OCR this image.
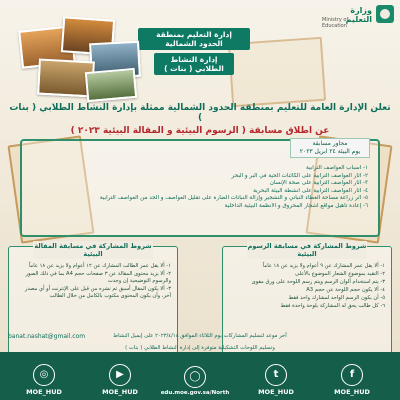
وزارة التعليم
Ministry of Education
إدارة التعليم بمنطقة الحدود الشمالية
إدارة النشاط الطلابي ( بنات )

تعلن الإدارة العامة للتعليم بمنطقة الحدود الشمالية ممثلة بإدارة النشاط الطلابي ( بنات )

عن اطلاق مسابقة ( الرسوم البيئية و المقالة البيئية ٢٠٢٣ )
محاور مسابقة
يوم البيئة ٢٤ ابريل ٢٠٢٣
١- أسباب العواصف الترابية
٢- آثار العواصف الترابية على الكائنات الحية في البر و البحر
٣- آثار العواصف الترابية على صحة الإنسان
٤- آثار العواصف الترابية على أنشطة البيئة البحرية
٥- أثر زراعة مساحة الغطاء النباتي و التشجير وإزالة النباتات الضارة على تقليل العواصف و الحد من العواصف الترابية
٦- إعادة تأهيل مواقع أشجار المحروق و الأنظمة البيئية الداخلية
شروط المشاركة في مسابقة الرسوم البيئية
١- ألا يقل عمر المشارك عن ٩ أعوام ولا يزيد عن ١٨ عاماً
٢- التقيد بموضوع الشعار الموضوع بالأعلى
٣- يتم استخدام ألوان الرسم ويتم رسم اللوحة على ورق مقوى
٤- ألا يكون حجم اللوحة عن حجم A3
٥- أن يكون الرسم الواحد لمشارك واحد فقط
٦- كل طالب يحق له المشاركة بلوحة واحدة فقط
شروط المشاركة في مسابقة المقالة البيئية
١- ألا يقل عمر الطالب المشارك عن ١٢ أعوام ولا يزيد عن ١٨ عاماً
٢- ألا يزيد محتوى المقالة عن ٣ صفحات حجم A4 بما في ذلك الصور والرسوم التوضيحية إن وجدت
٣- ألا يكون المقال أسبق تم نشره من قبل على الإنترنت أو أي مصدر آخر، وأن يكون المحتوى مكتوب بالكامل من خلال الطالب
banat.nashat@gmail.com	آخر موعد لتسليم المشاركات يوم الثلاثاء الموافق ٢٠٢٣/٤/١٨ على إيميل النشاط
وتسليم اللوحات التشكيلية متوفرة إلى إدارة النشاط الطلابي ( بنات )
f
MOE_HUD
t
MOE_HUD
◯
edu.moe.gov.sa/North
▶
MOE_HUD
◎
MOE_HUD
